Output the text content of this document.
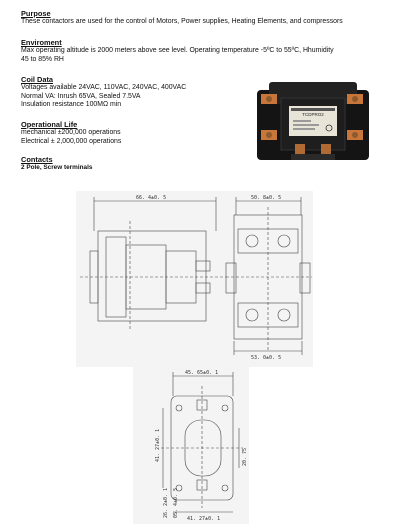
Purpose
These contactors are used for the control of Motors, Power supplies, Heating Elements, and compressors
Enviroment
Max operating altitude is 2000 meters above see level. Operating temperature -5ºC to 55ºC, Hhumidity
45 to 85% RH
Coil Data
Voltages available 24VAC, 110VAC, 240VAC, 400VAC
Normal VA: Inrush 65VA, Sealed 7.5VA
Insulation resistance 100MΩ min
Operational Life
mechanical ±200,000 operations
Electrical ± 2,000,000 operations
Contacts
2 Pole, Screw terminals
TCDPRO2
66. 4±0. 5	50. 8±0. 5
53. 0±0. 5
45. 65±0. 1
41. 27±0. 1	20. 75
41. 27±0. 1
26. 2±0. 1 05. 4±0. 5
